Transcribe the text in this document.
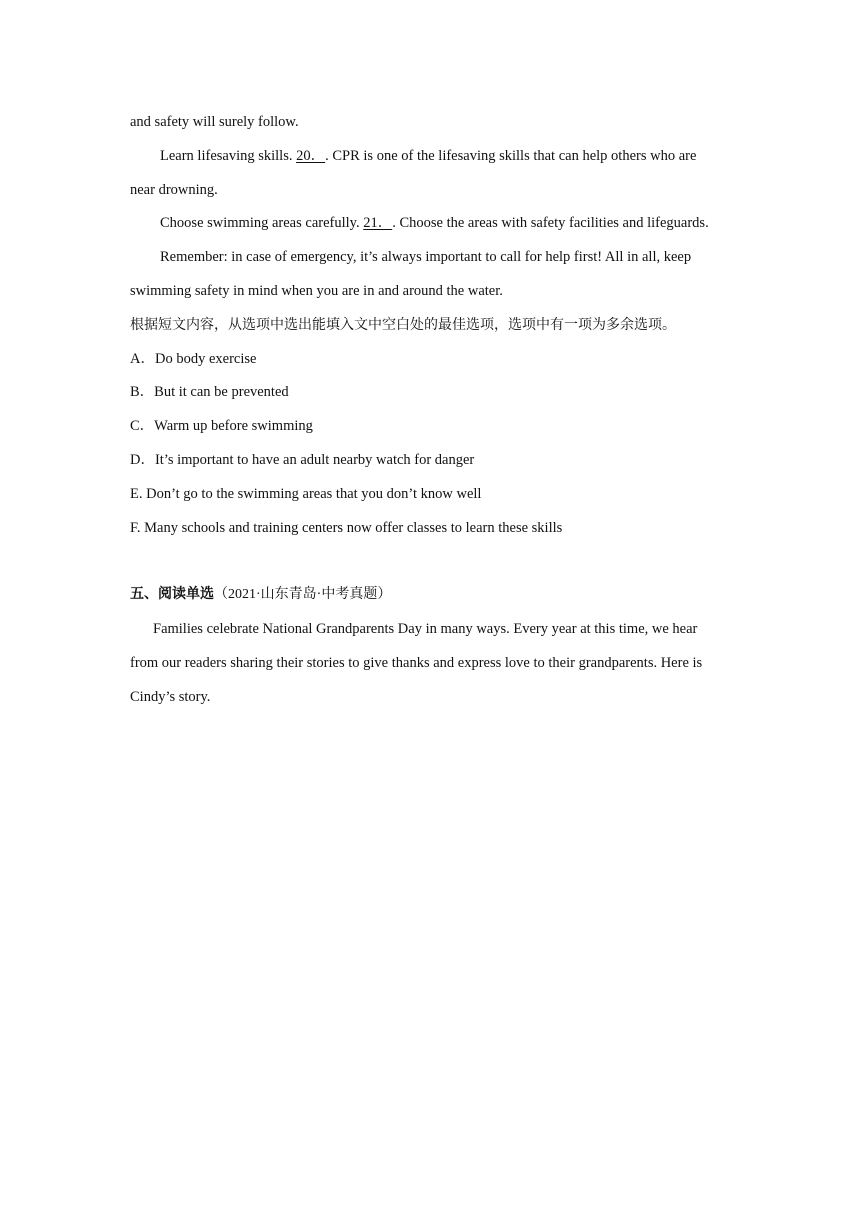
and safety will surely follow.
Learn lifesaving skills. 20．. CPR is one of the lifesaving skills that can help others who are
near drowning.
Choose swimming areas carefully. 21．. Choose the areas with safety facilities and lifeguards.
Remember: in case of emergency, it’s always important to call for help first! All in all, keep
swimming safety in mind when you are in and around the water.
根据短文内容，从选项中选出能填入文中空白处的最佳选项，选项中有一项为多余选项。
A．Do body exercise
B．But it can be prevented
C．Warm up before swimming
D．It’s important to have an adult nearby watch for danger
E. Don’t go to the swimming areas that you don’t know well
F. Many schools and training centers now offer classes to learn these skills
五、阅读单选（2021·山东青岛·中考真题）
Families celebrate National Grandparents Day in many ways. Every year at this time, we hear
from our readers sharing their stories to give thanks and express love to their grandparents. Here is
Cindy’s story.
